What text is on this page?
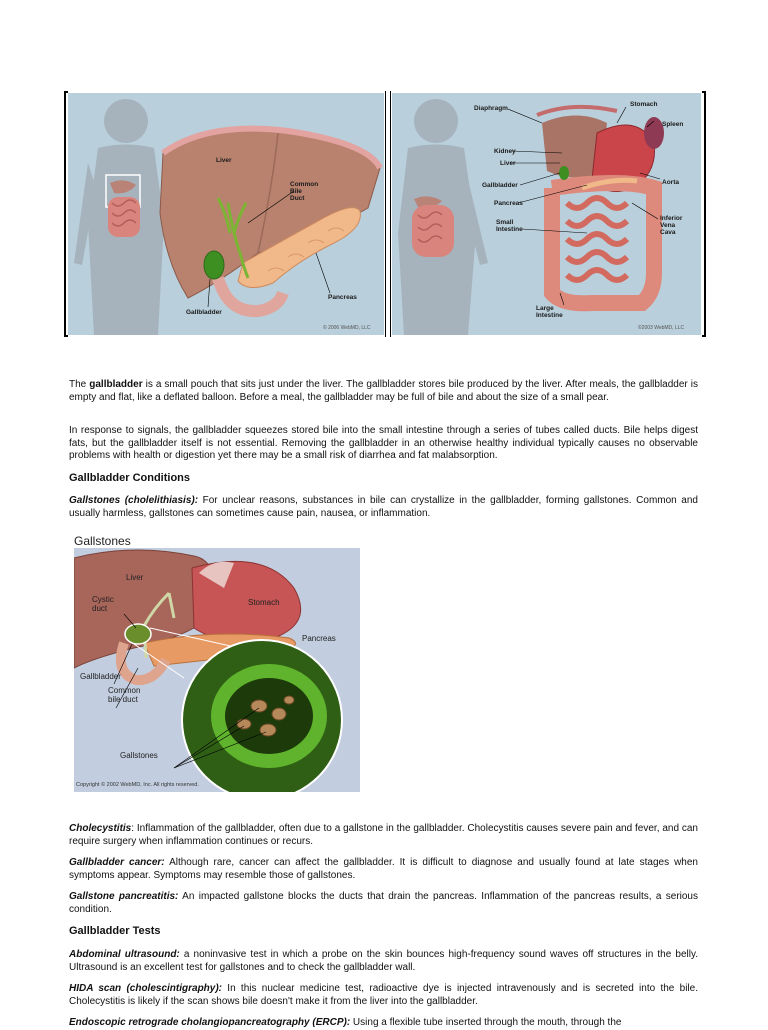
Liver
Common
Bile
Duct
Pancreas
Gallbladder
© 2006 WebMD, LLC
Diaphragm
Stomach
Spleen
Kidney
Liver
Gallbladder	Aorta
Pancreas
Small
Intestine
Inferior
Vena
Cava
Large
Intestine
©2003 WebMD, LLC

The gallbladder is a small pouch that sits just under the liver. The gallbladder stores bile produced by the liver. After meals, the gallbladder is empty and flat, like a deflated balloon. Before a meal, the gallbladder may be full of bile and about the size of a small pear.

In response to signals, the gallbladder squeezes stored bile into the small intestine through a series of tubes called ducts. Bile helps digest fats, but the gallbladder itself is not essential. Removing the gallbladder in an otherwise healthy individual typically causes no observable problems with health or digestion yet there may be a small risk of diarrhea and fat malabsorption.

Gallbladder Conditions

Gallstones (cholelithiasis): For unclear reasons, substances in bile can crystallize in the gallbladder, forming gallstones. Common and usually harmless, gallstones can sometimes cause pain, nausea, or inflammation.

Gallstones
Liver
Cystic
duct
Stomach
Pancreas
Gallbladder
Common
bile duct
Gallstones
Copyright © 2002 WebMD, Inc. All rights reserved.

Cholecystitis: Inflammation of the gallbladder, often due to a gallstone in the gallbladder. Cholecystitis causes severe pain and fever, and can require surgery when inflammation continues or recurs.

Gallbladder cancer: Although rare, cancer can affect the gallbladder. It is difficult to diagnose and usually found at late stages when symptoms appear. Symptoms may resemble those of gallstones.

Gallstone pancreatitis: An impacted gallstone blocks the ducts that drain the pancreas. Inflammation of the pancreas results, a serious condition.

Gallbladder Tests

Abdominal ultrasound: a noninvasive test in which a probe on the skin bounces high-frequency sound waves off structures in the belly. Ultrasound is an excellent test for gallstones and to check the gallbladder wall.

HIDA scan (cholescintigraphy): In this nuclear medicine test, radioactive dye is injected intravenously and is secreted into the bile. Cholecystitis is likely if the scan shows bile doesn't make it from the liver into the gallbladder.

Endoscopic retrograde cholangiopancreatography (ERCP): Using a flexible tube inserted through the mouth, through the
